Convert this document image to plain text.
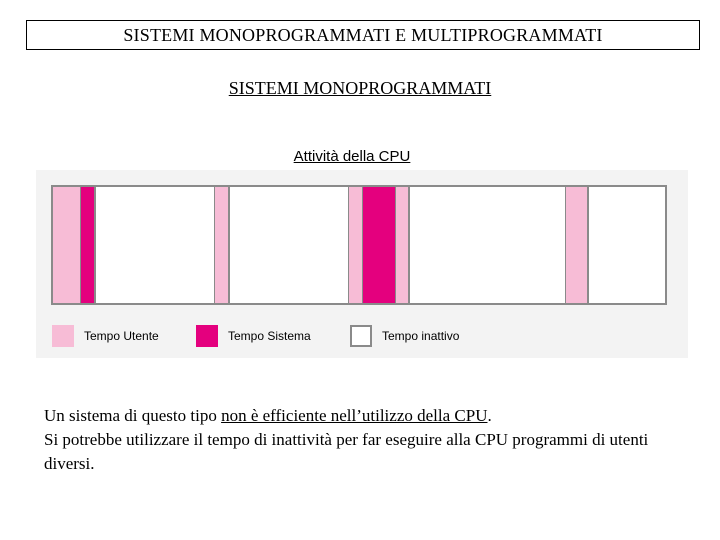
SISTEMI MONOPROGRAMMATI E MULTIPROGRAMMATI
SISTEMI MONOPROGRAMMATI
Attività della CPU
Tempo Utente	Tempo Sistema	Tempo inattivo

Un sistema di questo tipo non è efficiente nell’utilizzo della CPU.

Si potrebbe utilizzare il tempo di inattività per far eseguire alla CPU programmi di utenti diversi.
